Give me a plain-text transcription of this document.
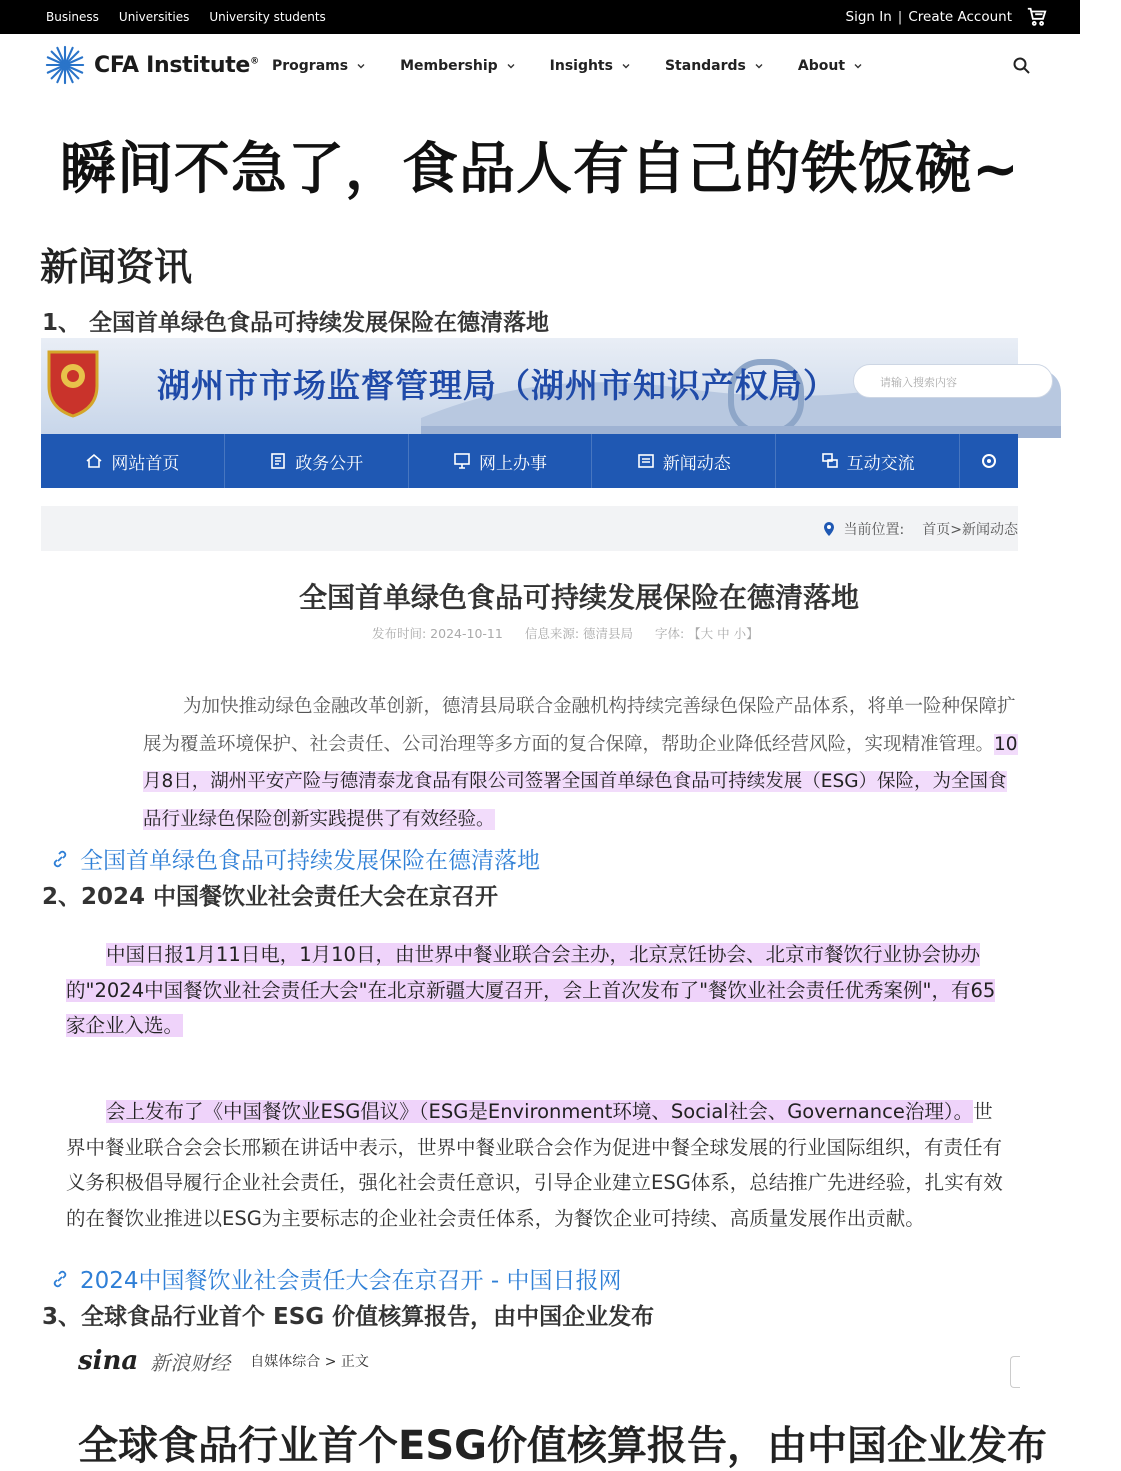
Business Universities University students	Sign In | Create Account
CFA Institute® Programs	Membership	Insights	Standards	About
瞬间不急了，食品人有自己的铁饭碗~
新闻资讯
1、 全国首单绿色食品可持续发展保险在德清落地
湖州市市场监督管理局（湖州市知识产权局）	请输入搜索内容
网站首页	政务公开	网上办事	新闻动态	互动交流
当前位置: 首页>新闻动态
全国首单绿色食品可持续发展保险在德清落地
发布时间: 2024-10-11 信息来源: 德清县局 字体: 【大 中 小】
为加快推动绿色金融改革创新，德清县局联合金融机构持续完善绿色保险产品体系，将单一险种保障扩展为覆盖环境保护、社会责任、公司治理等多方面的复合保障，帮助企业降低经营风险，实现精准管理。10月8日，湖州平安产险与德清泰龙食品有限公司签署全国首单绿色食品可持续发展（ESG）保险，为全国食品行业绿色保险创新实践提供了有效经验。
全国首单绿色食品可持续发展保险在德清落地
2、2024 中国餐饮业社会责任大会在京召开
中国日报1月11日电，1月10日，由世界中餐业联合会主办，北京烹饪协会、北京市餐饮行业协会协办的"2024中国餐饮业社会责任大会"在北京新疆大厦召开，会上首次发布了"餐饮业社会责任优秀案例"，有65家企业入选。
会上发布了《中国餐饮业ESG倡议》（ESG是Environment环境、Social社会、Governance治理）。世界中餐业联合会会长邢颖在讲话中表示，世界中餐业联合会作为促进中餐全球发展的行业国际组织，有责任有义务积极倡导履行企业社会责任，强化社会责任意识，引导企业建立ESG体系，总结推广先进经验，扎实有效的在餐饮业推进以ESG为主要标志的企业社会责任体系，为餐饮企业可持续、高质量发展作出贡献。
2024中国餐饮业社会责任大会在京召开 - 中国日报网
3、全球食品行业首个 ESG 价值核算报告，由中国企业发布
sina 新浪财经 自媒体综合 > 正文
全球食品行业首个ESG价值核算报告，由中国企业发布
